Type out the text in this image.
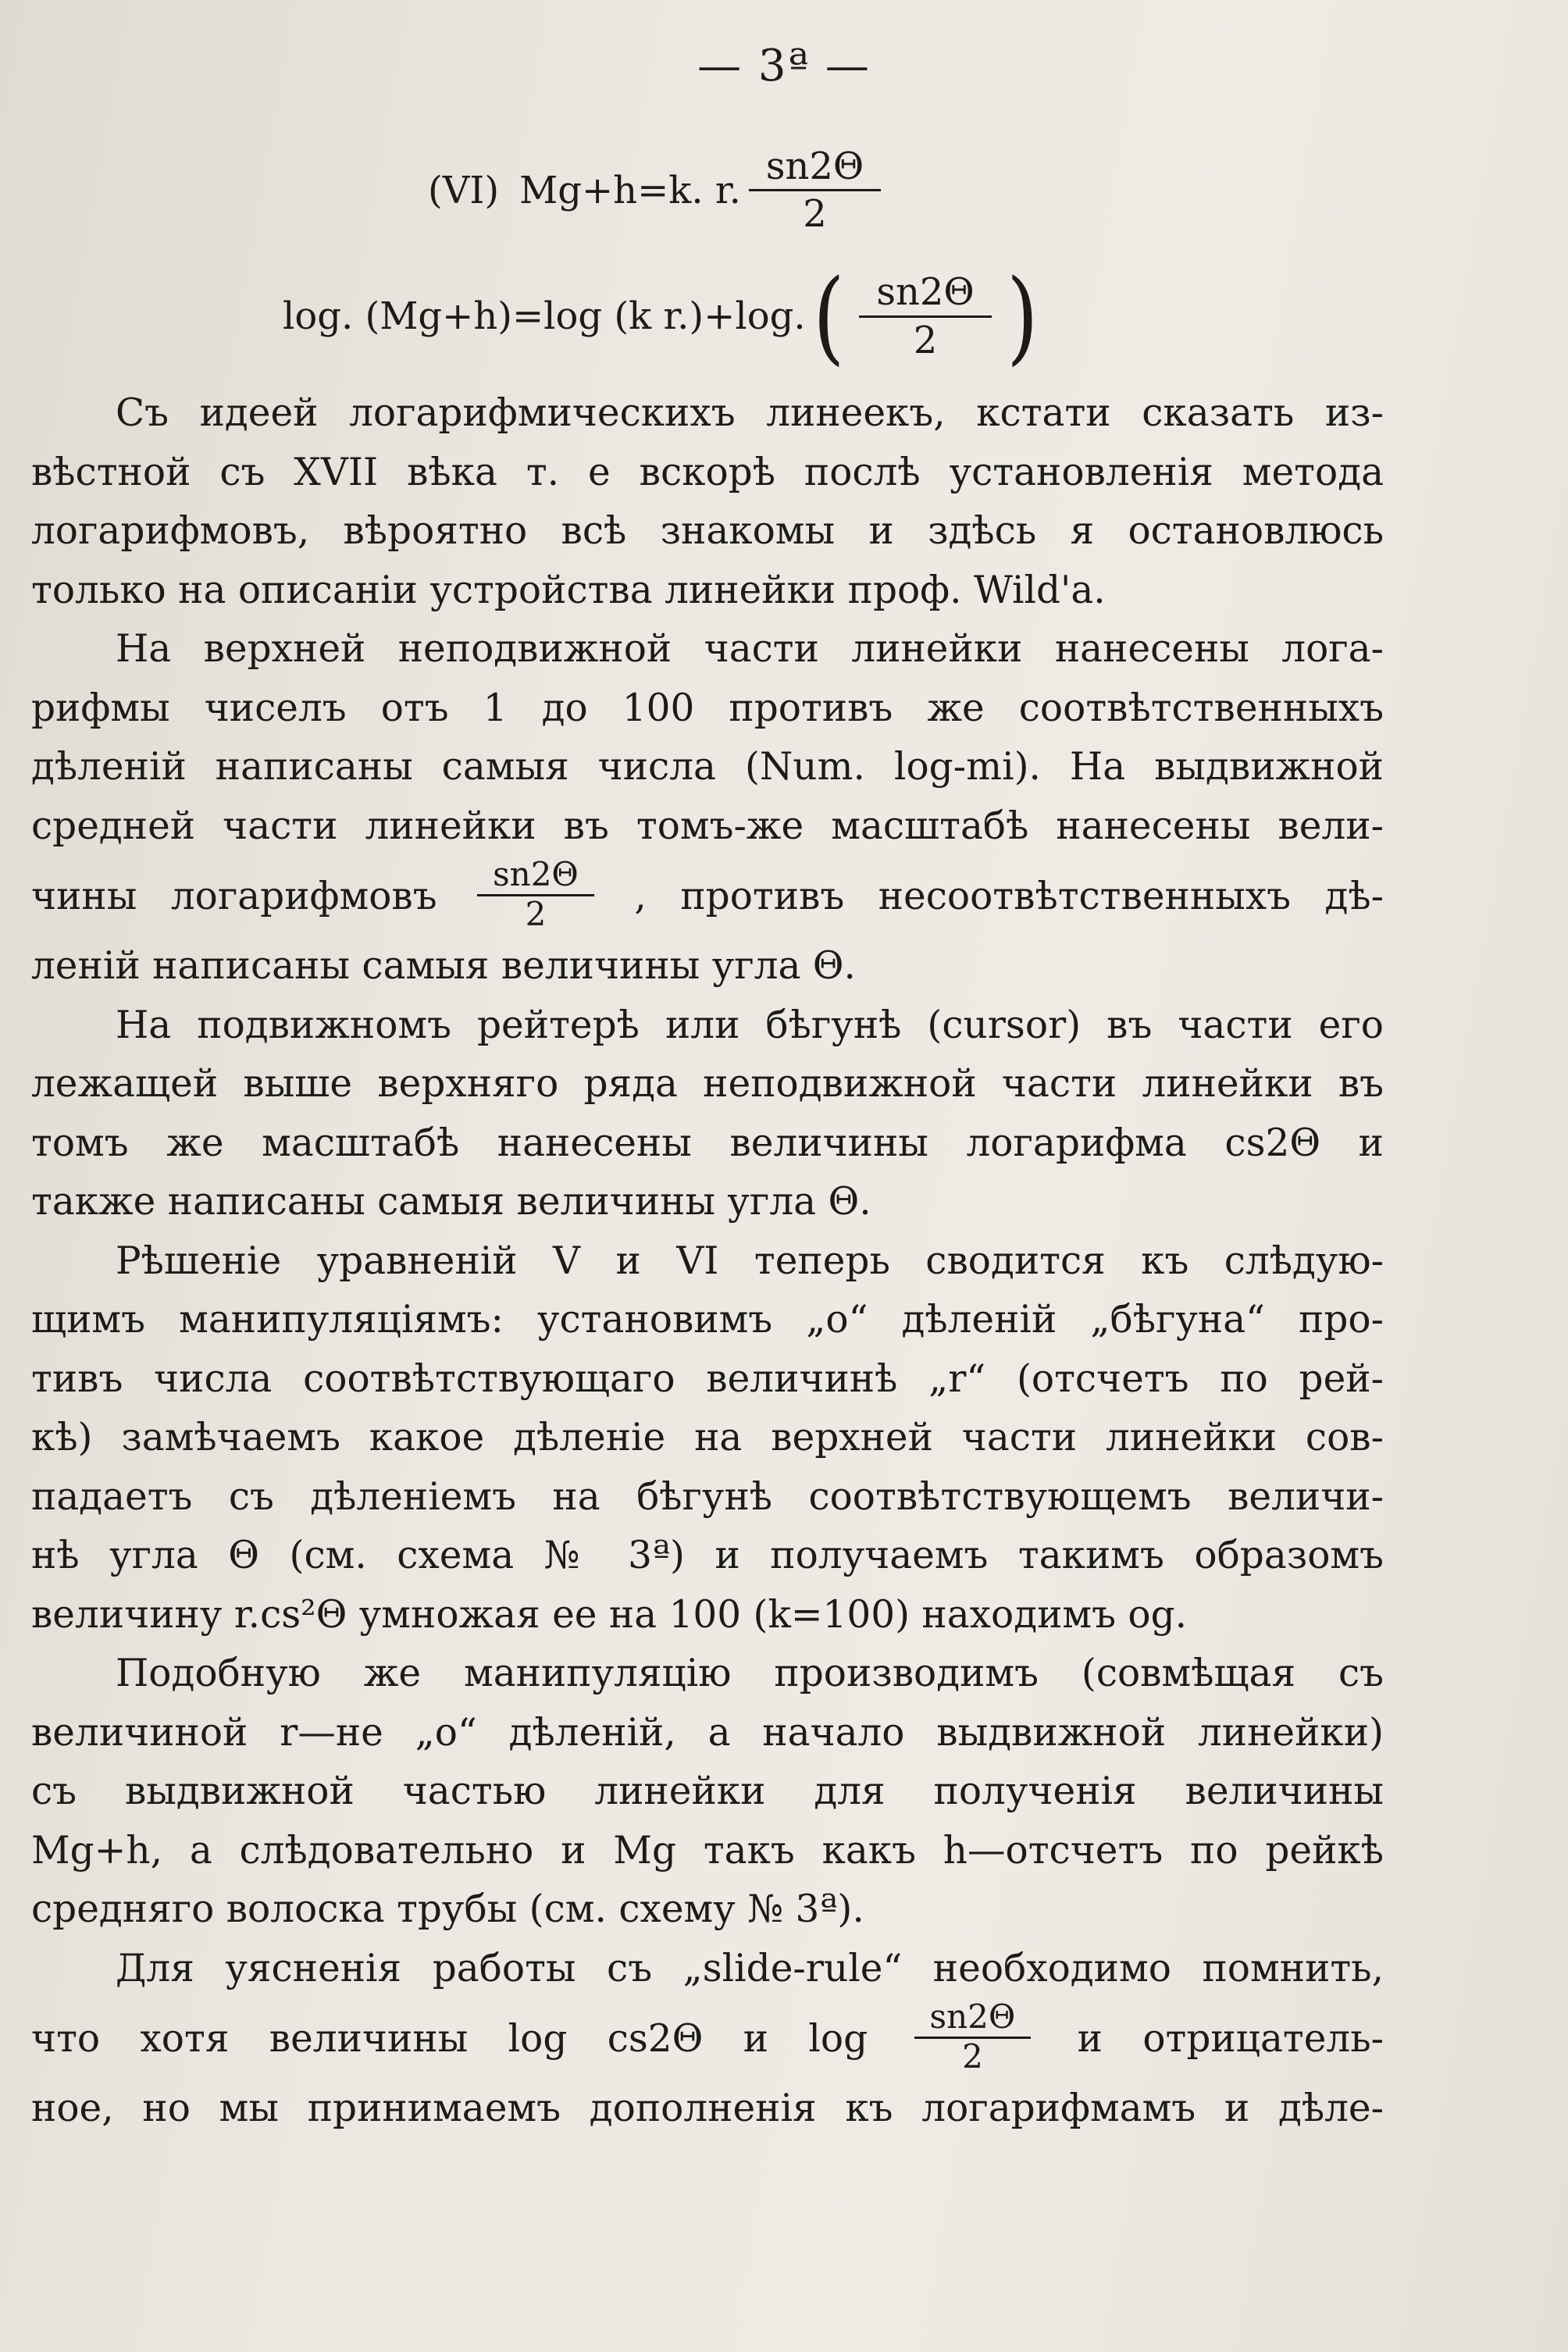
— 3ª —
(VI) Mg+h=k. r. $\frac{sn2\Theta}{2}$
log. (Mg+h)=log (k r.)+log. ( $\frac{sn2\Theta}{2}$ )

Съ идеей логарифмическихъ линеекъ, кстати сказать из-
вѣстной съ XVII вѣка т. е вскорѣ послѣ установленія метода
логарифмовъ, вѣроятно всѣ знакомы и здѣсь я остановлюсь
только на описаніи устройства линейки проф. Wild'a.

На верхней неподвижной части линейки нанесены лога-
рифмы чиселъ отъ 1 до 100 противъ же соотвѣтственныхъ
дѣленій написаны самыя числа (Num. log-mi). На выдвижной
средней части линейки въ томъ-же масштабѣ нанесены вели-
чины логарифмовъ $\frac{sn2\Theta}{2}$ , противъ несоотвѣтственныхъ дѣ-
леній написаны самыя величины угла Θ.

На подвижномъ рейтерѣ или бѣгунѣ (cursor) въ части его
лежащей выше верхняго ряда неподвижной части линейки въ
томъ же масштабѣ нанесены величины логарифма cs2Θ и
также написаны самыя величины угла Θ.

Рѣшеніе уравненій V и VI теперь сводится къ слѣдую-
щимъ манипуляціямъ: установимъ „o“ дѣленій „бѣгуна“ про-
тивъ числа соотвѣтствующаго величинѣ „r“ (отсчетъ по рей-
кѣ) замѣчаемъ какое дѣленіе на верхней части линейки сов-
падаетъ съ дѣленіемъ на бѣгунѣ соотвѣтствующемъ величи-
нѣ угла Θ (см. схема № 3ª) и получаемъ такимъ образомъ
величину r.cs²Θ умножая ее на 100 (k=100) находимъ og.

Подобную же манипуляцію производимъ (совмѣщая съ
величиной r—не „o“ дѣленій, а начало выдвижной линейки)
съ выдвижной частью линейки для полученія величины
Mg+h, а слѣдовательно и Mg такъ какъ h—отсчетъ по рейкѣ
средняго волоска трубы (см. схему № 3ª).

Для уясненія работы съ „slide-rule“ необходимо помнить,
что хотя величины log cs2Θ и $\log \frac{sn2\Theta}{2}$ и отрицатель-
ное, но мы принимаемъ дополненія къ логарифмамъ и дѣле-
